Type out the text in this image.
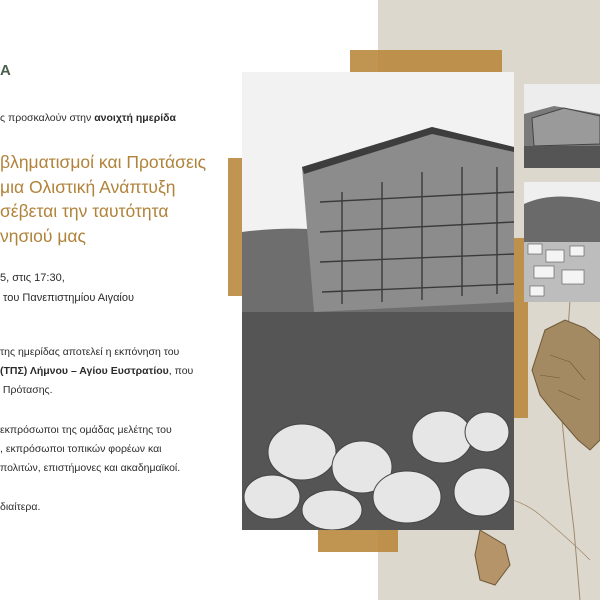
Α
ς προσκαλούν στην ανοιχτή ημερίδα
βληματισμοί και Προτάσεις
μια Ολιστική Ανάπτυξη
σέβεται την ταυτότητα
νησιού μας
5, στις 17:30,
του Πανεπιστημίου Αιγαίου
της ημερίδας αποτελεί η εκπόνηση του
(ΤΠΣ) Λήμνου – Αγίου Ευστρατίου, που
Πρότασης.
εκπρόσωποι της ομάδας μελέτης του
, εκπρόσωποι τοπικών φορέων και
πολιτών, επιστήμονες και ακαδημαϊκοί.
διαίτερα.
